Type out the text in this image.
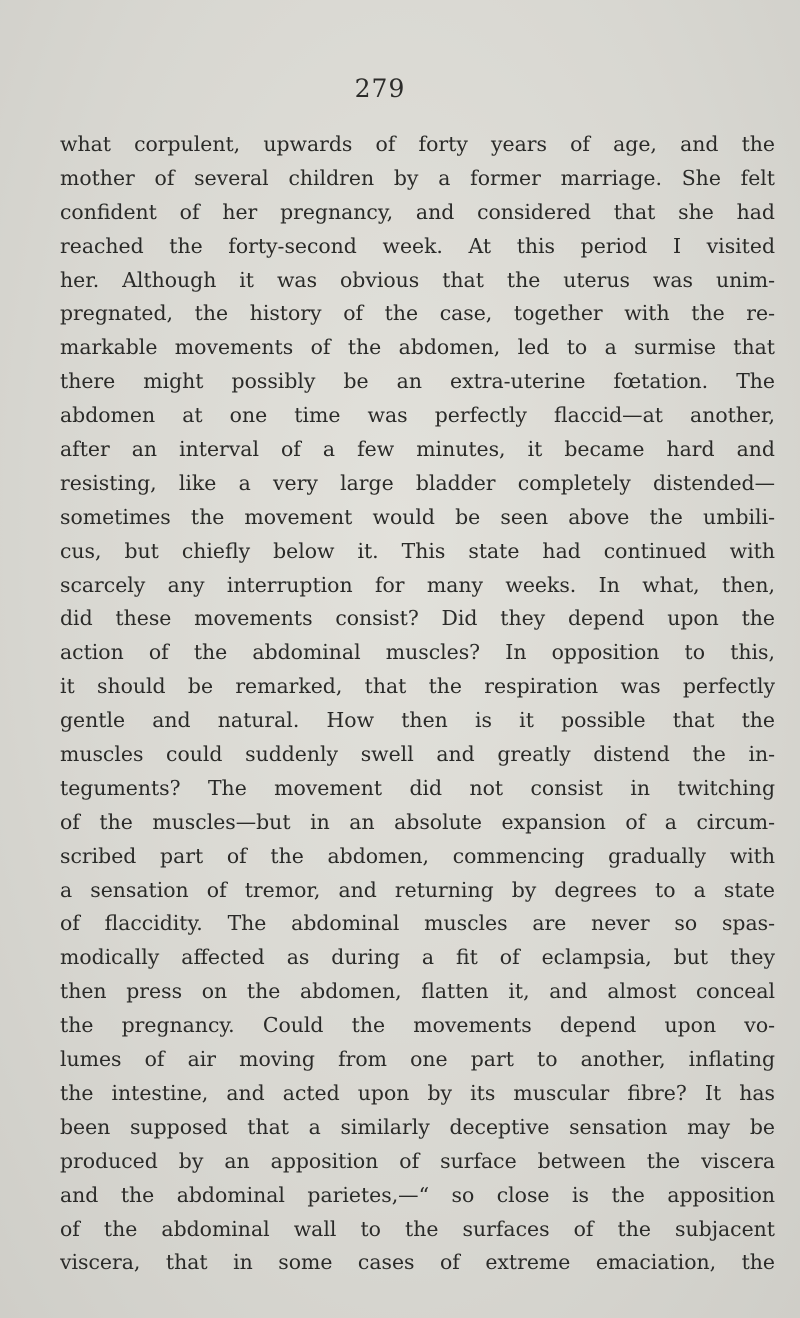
279
what corpulent, upwards of forty years of age, and the
mother of several children by a former marriage. She felt
confident of her pregnancy, and considered that she had
reached the forty-second week. At this period I visited
her. Although it was obvious that the uterus was unim-
pregnated, the history of the case, together with the re-
markable movements of the abdomen, led to a surmise that
there might possibly be an extra-uterine fœtation. The
abdomen at one time was perfectly flaccid—at another,
after an interval of a few minutes, it became hard and
resisting, like a very large bladder completely distended—
sometimes the movement would be seen above the umbili-
cus, but chiefly below it. This state had continued with
scarcely any interruption for many weeks. In what, then,
did these movements consist? Did they depend upon the
action of the abdominal muscles? In opposition to this,
it should be remarked, that the respiration was perfectly
gentle and natural. How then is it possible that the
muscles could suddenly swell and greatly distend the in-
teguments? The movement did not consist in twitching
of the muscles—but in an absolute expansion of a circum-
scribed part of the abdomen, commencing gradually with
a sensation of tremor, and returning by degrees to a state
of flaccidity. The abdominal muscles are never so spas-
modically affected as during a fit of eclampsia, but they
then press on the abdomen, flatten it, and almost conceal
the pregnancy. Could the movements depend upon vo-
lumes of air moving from one part to another, inflating
the intestine, and acted upon by its muscular fibre? It has
been supposed that a similarly deceptive sensation may be
produced by an apposition of surface between the viscera
and the abdominal parietes,—“ so close is the apposition
of the abdominal wall to the surfaces of the subjacent
viscera, that in some cases of extreme emaciation, the
